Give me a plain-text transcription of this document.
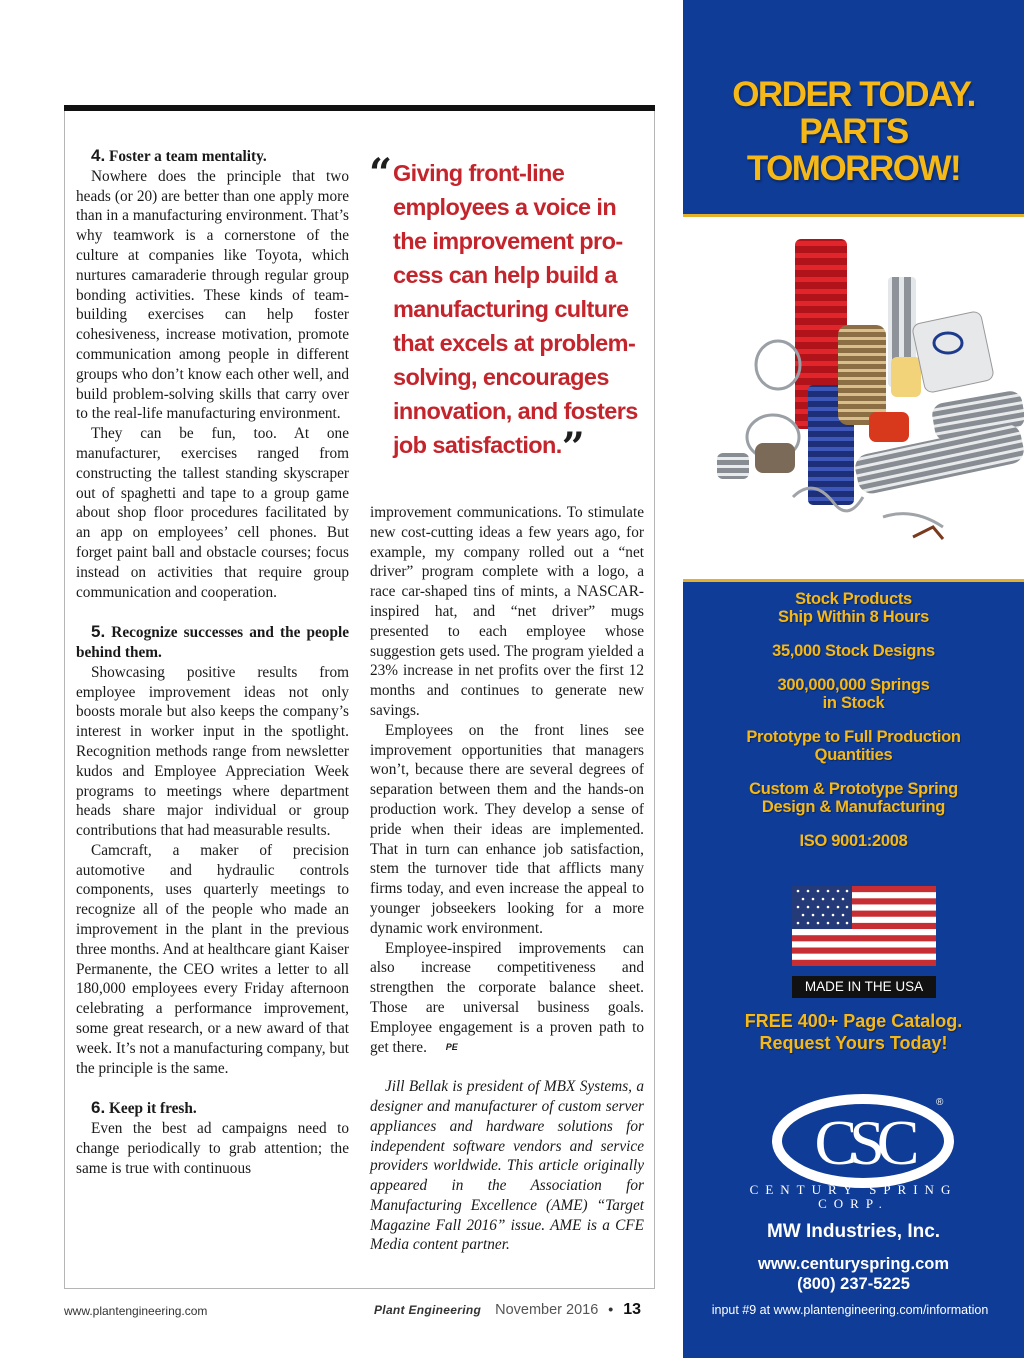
4. Foster a team mentality.

Nowhere does the principle that two heads (or 20) are better than one apply more than in a manufacturing environment. That’s why teamwork is a cornerstone of the culture at companies like Toyota, which nurtures camaraderie through regular group bonding activities. These kinds of team-building exercises can help foster cohesiveness, increase motivation, promote communication among people in different groups who don’t know each other well, and build problem-solving skills that carry over to the real-life manufacturing environment.

They can be fun, too. At one manufacturer, exercises ranged from constructing the tallest standing skyscraper out of spaghetti and tape to a group game about shop floor procedures facilitated by an app on employees’ cell phones. But forget paint ball and obstacle courses; focus instead on activities that require group communication and cooperation.

5. Recognize successes and the people behind them.

Showcasing positive results from employee improvement ideas not only boosts morale but also keeps the company’s interest in worker input in the spotlight. Recognition methods range from newsletter kudos and Employee Appreciation Week programs to meetings where department heads share major individual or group contributions that had measurable results.

Camcraft, a maker of precision automotive and hydraulic controls components, uses quarterly meetings to recognize all of the people who made an improvement in the plant in the previous three months. And at healthcare giant Kaiser Permanente, the CEO writes a letter to all 180,000 employees every Friday afternoon celebrating a performance improvement, some great research, or a new award of that week. It’s not a manufacturing company, but the principle is the same.

6. Keep it fresh.

Even the best ad campaigns need to change periodically to grab attention; the same is true with continuous

“ Giving front-line
employees a voice in
the improvement pro-
cess can help build a
manufacturing culture
that excels at problem-
solving, encourages
innovation, and fosters
job satisfaction.”

improvement communications. To stimulate new cost-cutting ideas a few years ago, for example, my company rolled out a “net driver” program complete with a logo, a race car-shaped tins of mints, a NASCAR-inspired hat, and “net driver” mugs presented to each employee whose suggestion gets used. The program yielded a 23% increase in net profits over the first 12 months and continues to generate new savings.

Employees on the front lines see improvement opportunities that managers won’t, because there are several degrees of separation between them and the hands-on production work. They develop a sense of pride when their ideas are implemented. That in turn can enhance job satisfaction, stem the turnover tide that afflicts many firms today, and even increase the appeal to younger jobseekers looking for a more dynamic work environment.

Employee-inspired improvements can also increase competitiveness and strengthen the corporate balance sheet. Those are universal business goals. Employee engagement is a proven path to get there. PE

Jill Bellak is president of MBX Systems, a designer and manufacturer of custom server appliances and hardware solutions for independent software vendors and service providers worldwide. This article originally appeared in the Association for Manufacturing Excellence (AME) “Target Magazine Fall 2016” issue. AME is a CFE Media content partner.

www.plantengineering.com	Plant Engineering November 2016 • 13
ORDER TODAY.
PARTS
TOMORROW!
Stock Products
Ship Within 8 Hours
35,000 Stock Designs
300,000,000 Springs
in Stock
Prototype to Full Production
Quantities
Custom & Prototype Spring
Design & Manufacturing
ISO 9001:2008
MADE IN THE USA
FREE 400+ Page Catalog.
Request Yours Today!
CSC
®
CENTURY SPRING
CORP.
MW Industries, Inc.
www.centuryspring.com
(800) 237-5225
input #9 at www.plantengineering.com/information
